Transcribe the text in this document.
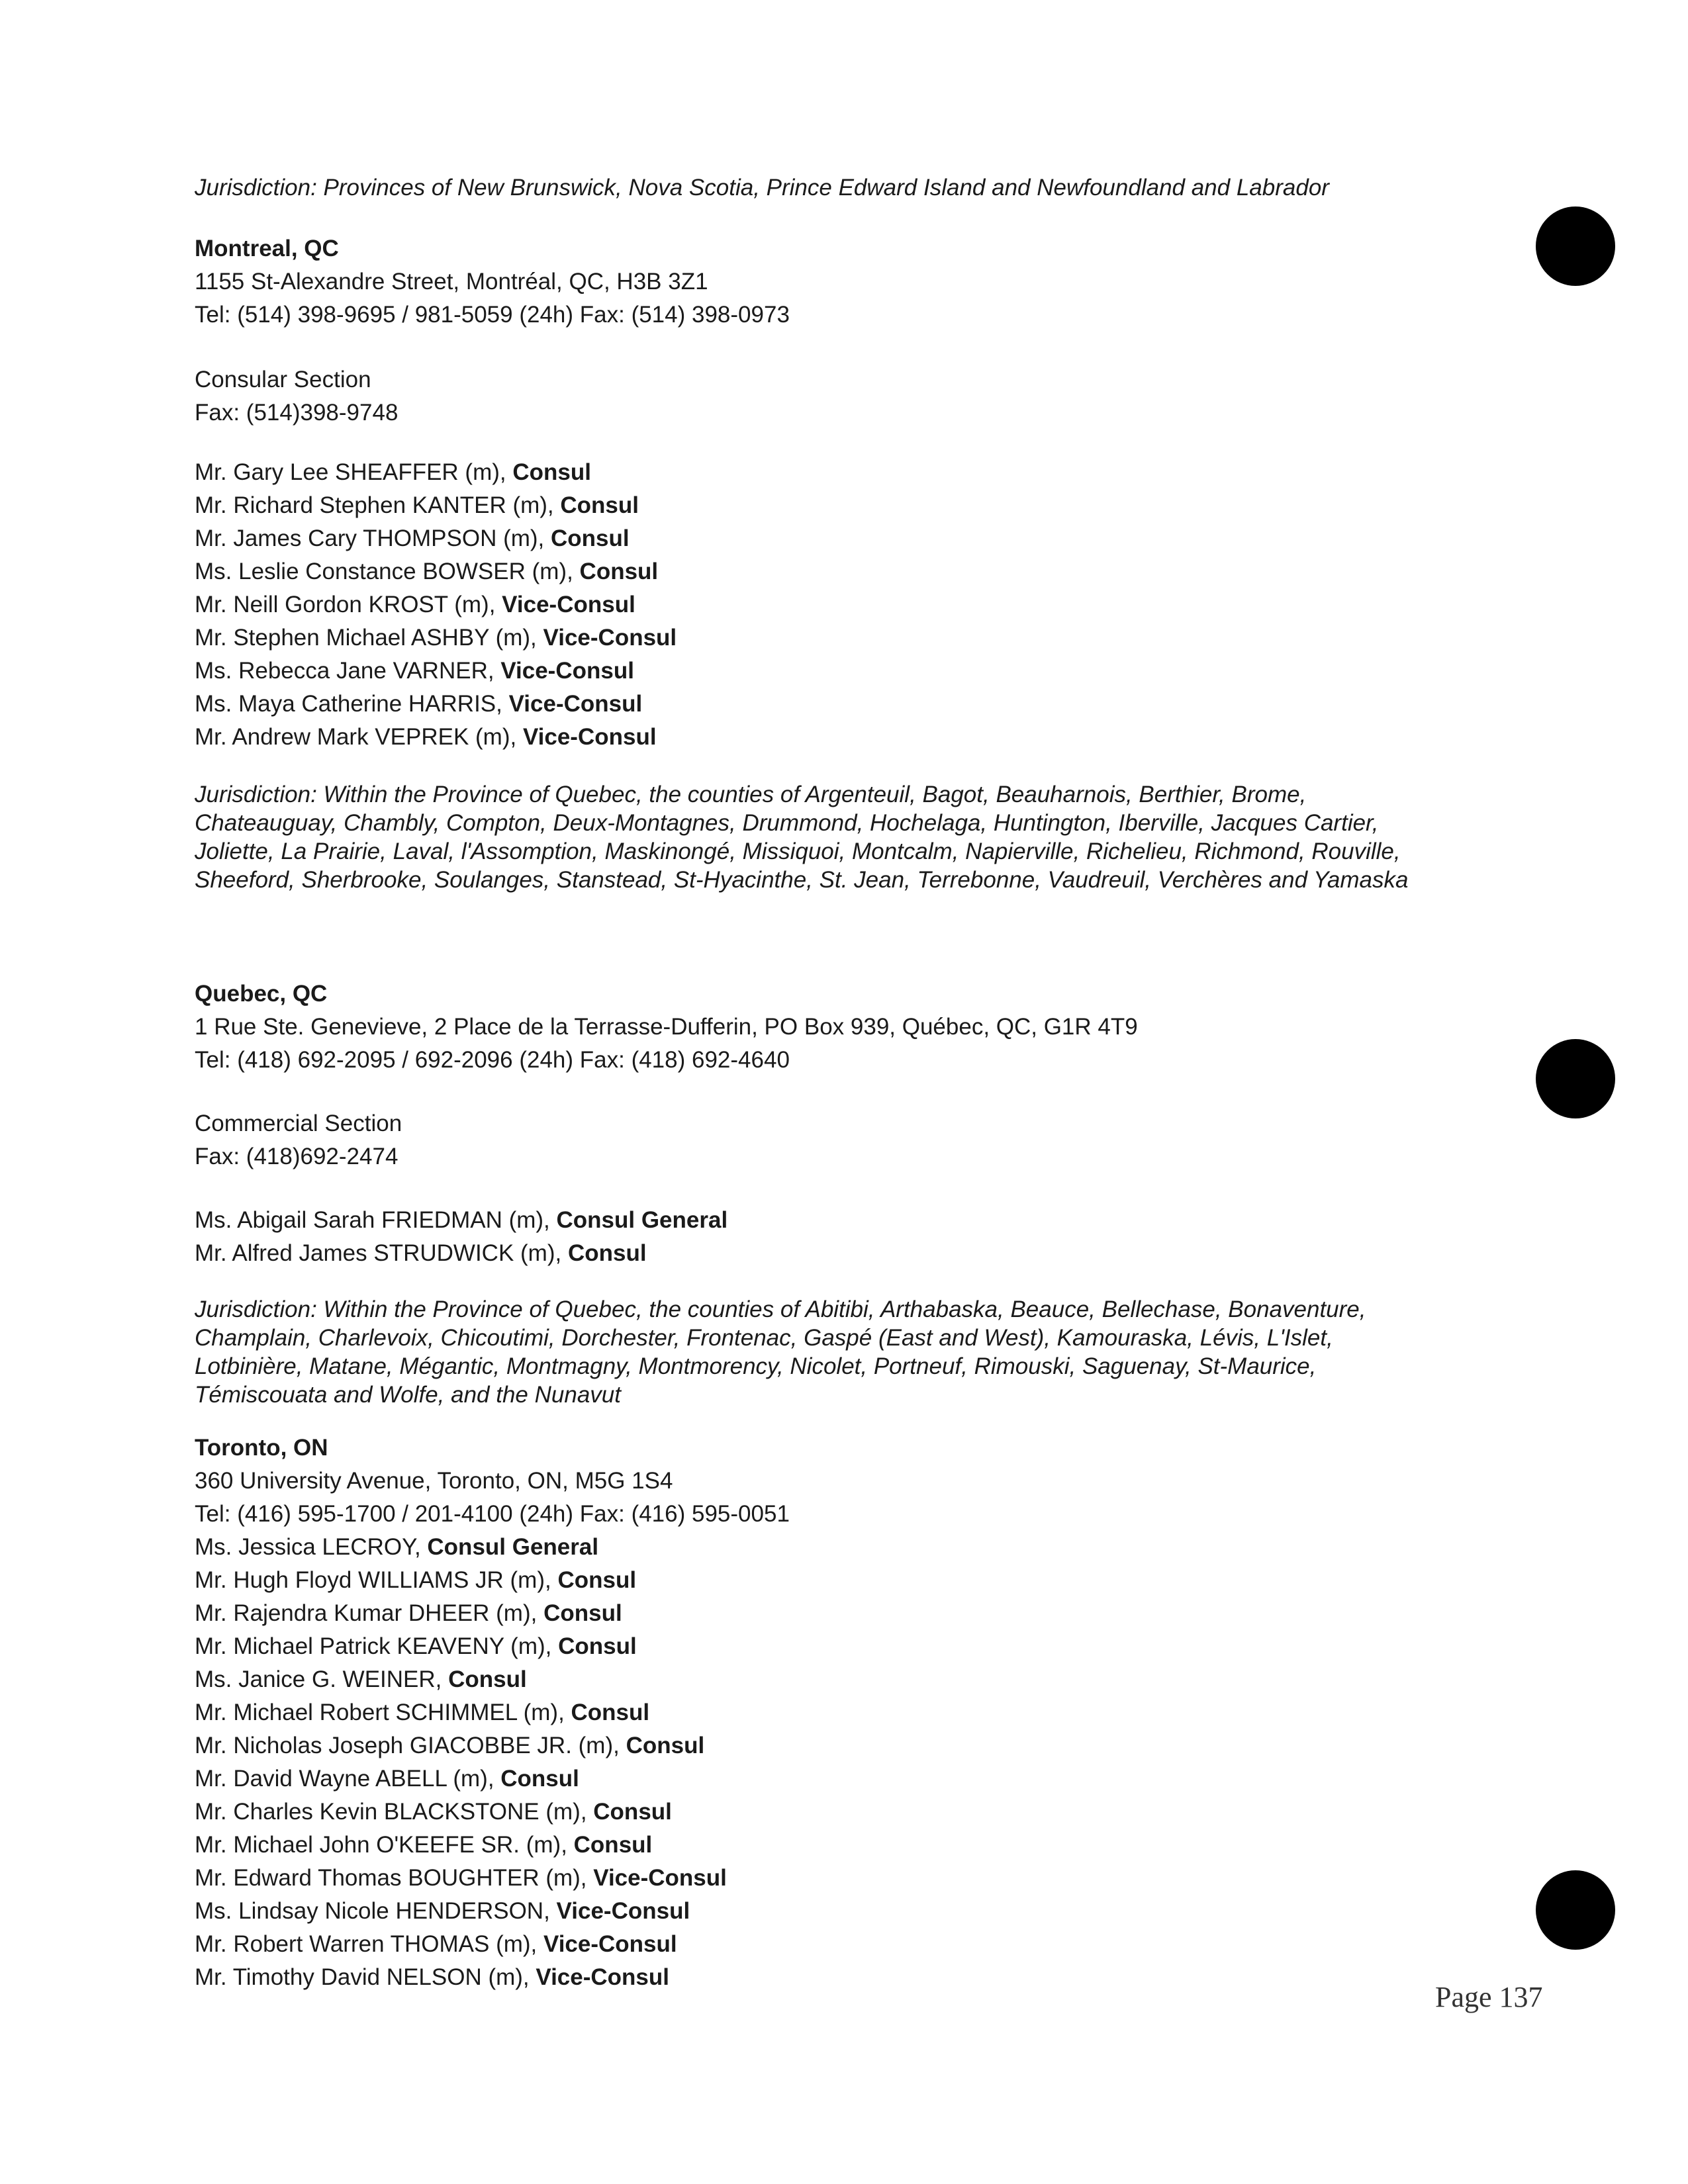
Jurisdiction: Provinces of New Brunswick, Nova Scotia, Prince Edward Island and Newfoundland and Labrador

Montreal, QC

1155 St-Alexandre Street, Montréal, QC, H3B 3Z1

Tel: (514) 398-9695 / 981-5059 (24h) Fax: (514) 398-0973

Consular Section

Fax: (514)398-9748

Mr. Gary Lee SHEAFFER (m), Consul

Mr. Richard Stephen KANTER (m), Consul

Mr. James Cary THOMPSON (m), Consul

Ms. Leslie Constance BOWSER (m), Consul

Mr. Neill Gordon KROST (m), Vice-Consul

Mr. Stephen Michael ASHBY (m), Vice-Consul

Ms. Rebecca Jane VARNER, Vice-Consul

Ms. Maya Catherine HARRIS, Vice-Consul

Mr. Andrew Mark VEPREK (m), Vice-Consul

Jurisdiction: Within the Province of Quebec, the counties of Argenteuil, Bagot, Beauharnois, Berthier, Brome,

Chateauguay, Chambly, Compton, Deux-Montagnes, Drummond, Hochelaga, Huntington, Iberville, Jacques Cartier,

Joliette, La Prairie, Laval, l'Assomption, Maskinongé, Missiquoi, Montcalm, Napierville, Richelieu, Richmond, Rouville,

Sheeford, Sherbrooke, Soulanges, Stanstead, St-Hyacinthe, St. Jean, Terrebonne, Vaudreuil, Verchères and Yamaska

Quebec, QC

1 Rue Ste. Genevieve, 2 Place de la Terrasse-Dufferin, PO Box 939, Québec, QC, G1R 4T9

Tel: (418) 692-2095 / 692-2096 (24h) Fax: (418) 692-4640

Commercial Section

Fax: (418)692-2474

Ms. Abigail Sarah FRIEDMAN (m), Consul General

Mr. Alfred James STRUDWICK (m), Consul

Jurisdiction: Within the Province of Quebec, the counties of Abitibi, Arthabaska, Beauce, Bellechase, Bonaventure,

Champlain, Charlevoix, Chicoutimi, Dorchester, Frontenac, Gaspé (East and West), Kamouraska, Lévis, L'Islet,

Lotbinière, Matane, Mégantic, Montmagny, Montmorency, Nicolet, Portneuf, Rimouski, Saguenay, St-Maurice,

Témiscouata and Wolfe, and the Nunavut

Toronto, ON

360 University Avenue, Toronto, ON, M5G 1S4

Tel: (416) 595-1700 / 201-4100 (24h) Fax: (416) 595-0051

Ms. Jessica LECROY, Consul General

Mr. Hugh Floyd WILLIAMS JR (m), Consul

Mr. Rajendra Kumar DHEER (m), Consul

Mr. Michael Patrick KEAVENY (m), Consul

Ms. Janice G. WEINER, Consul

Mr. Michael Robert SCHIMMEL (m), Consul

Mr. Nicholas Joseph GIACOBBE JR. (m), Consul

Mr. David Wayne ABELL (m), Consul

Mr. Charles Kevin BLACKSTONE (m), Consul

Mr. Michael John O'KEEFE SR. (m), Consul

Mr. Edward Thomas BOUGHTER (m), Vice-Consul

Ms. Lindsay Nicole HENDERSON, Vice-Consul

Mr. Robert Warren THOMAS (m), Vice-Consul

Mr. Timothy David NELSON (m), Vice-Consul

Page 137
